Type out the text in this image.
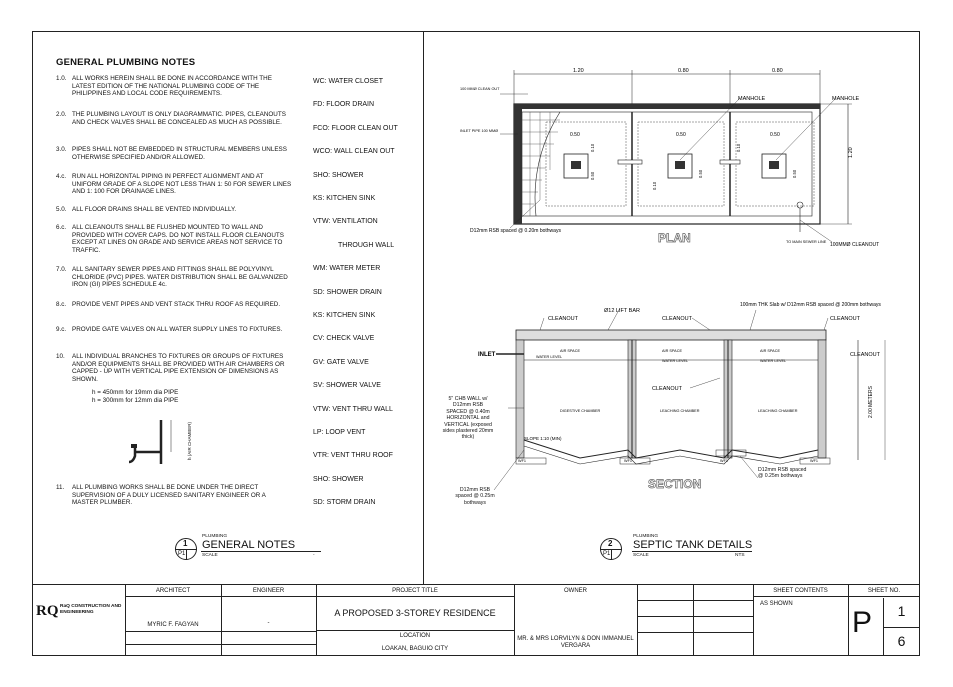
GENERAL PLUMBING NOTES
1.0. ALL WORKS HEREIN SHALL BE DONE IN ACCORDANCE WITH THE LATEST EDITION OF THE NATIONAL PLUMBING CODE OF THE PHILIPPINES AND LOCAL CODE REQUIREMENTS.
2.0. THE PLUMBING LAYOUT IS ONLY DIAGRAMMATIC. PIPES, CLEANOUTS AND CHECK VALVES SHALL BE CONCEALED AS MUCH AS POSSIBLE.
3.0. PIPES SHALL NOT BE EMBEDDED IN STRUCTURAL MEMBERS UNLESS OTHERWISE SPECIFIED AND/OR ALLOWED.
4.c. RUN ALL HORIZONTAL PIPING IN PERFECT ALIGNMENT AND AT UNIFORM GRADE OF A SLOPE NOT LESS THAN 1: 50 FOR SEWER LINES AND 1: 100 FOR DRAINAGE LINES.
5.0. ALL FLOOR DRAINS SHALL BE VENTED INDIVIDUALLY.
6.c. ALL CLEANOUTS SHALL BE FLUSHED MOUNTED TO WALL AND PROVIDED WITH COVER CAPS. DO NOT INSTALL FLOOR CLEANOUTS EXCEPT AT LINES ON GRADE AND SERVICE AREAS NOT SERVICE TO TRAFFIC.
7.0. ALL SANITARY SEWER PIPES AND FITTINGS SHALL BE POLYVINYL CHLORIDE (PVC) PIPES. WATER DISTRIBUTION SHALL BE GALVANIZED IRON (GI) PIPES SCHEDULE 4c.
8.c. PROVIDE VENT PIPES AND VENT STACK THRU ROOF AS REQUIRED.
9.c. PROVIDE GATE VALVES ON ALL WATER SUPPLY LINES TO FIXTURES.
10.	ALL INDIVIDUAL BRANCHES TO FIXTURES OR GROUPS OF FIXTURES AND/OR EQUIPMENTS SHALL BE PROVIDED WITH AIR CHAMBERS OR CAPPED - UP WITH VERTICAL PIPE EXTENSION OF DIMENSIONS AS SHOWN.
11.	ALL PLUMBING WORKS SHALL BE DONE UNDER THE DIRECT SUPERVISION OF A DULY LICENSED SANITARY ENGINEER OR A MASTER PLUMBER.
h = 450mm for 19mm dia PIPE
h = 300mm for 12mm dia PIPE
h (AIR CHAMBER)
WC: WATER CLOSET
FD: FLOOR DRAIN
FCO: FLOOR CLEAN OUT
WCO: WALL CLEAN OUT
SHO: SHOWER
KS: KITCHEN SINK
VTW: VENTILATION
THROUGH WALL
WM: WATER METER
SD: SHOWER DRAIN
KS: KITCHEN SINK
CV: CHECK VALVE
GV: GATE VALVE
SV: SHOWER VALVE
VTW: VENT THRU WALL
LP: LOOP VENT
VTR: VENT THRU ROOF
SHO: SHOWER
SD: STORM DRAIN
1
P1
PLUMBING
GENERAL NOTES
SCALE	-
1.20	0.80	0.80
1.20
0.50	0.50	0.50
0.10
0.50
0.10
0.50
0.10
0.50
100 MMØ CLEAN OUT
INLET PIPE 100 MMØ
MANHOLE	MANHOLE
PLAN
D12mm RSB spaced @ 0.20m bothways
TO MAIN SEWER LINE 100MMØ CLEANOUT
CLEANOUT
Ø12 LIFT BAR
CLEANOUT
100mm THK Slab w/ D12mm RSB spaced @ 200mm bothways
CLEANOUT
CLEANOUT
CLEANOUT
INLET
AIR SPACE	AIR SPACE	AIR SPACE
WATER LEVEL
WATER LEVEL	WATER LEVEL
DIGESTIVE CHAMBER	LEACHING CHAMBER	LEACHING CHAMBER
SLOPE 1:10 (MIN)
2.00 METERS
WF1	WF1	WF1	WF1
SECTION
5" CHB WALL w/ D12mm RSB SPACED @ 0.40m HORIZONTAL and VERTICAL (exposed sides plastered 20mm thick)
D12mm RSB spaced @ 0.25m bothways
D12mm RSB spaced @ 0.25m bothways
2
P1
PLUMBING
SEPTIC TANK DETAILS
SCALE	NTS
RQ RaQ CONSTRUCTION AND ENGINEERING
ARCHITECT
MYRIC F. FAGYAN
ENGINEER
-
PROJECT TITLE
A PROPOSED 3-STOREY RESIDENCE
LOCATION
LOAKAN, BAGUIO CITY
OWNER
MR. & MRS LORVILYN & DON IMMANUEL VERGARA
SHEET CONTENTS
AS SHOWN
SHEET NO.
P	1
6
